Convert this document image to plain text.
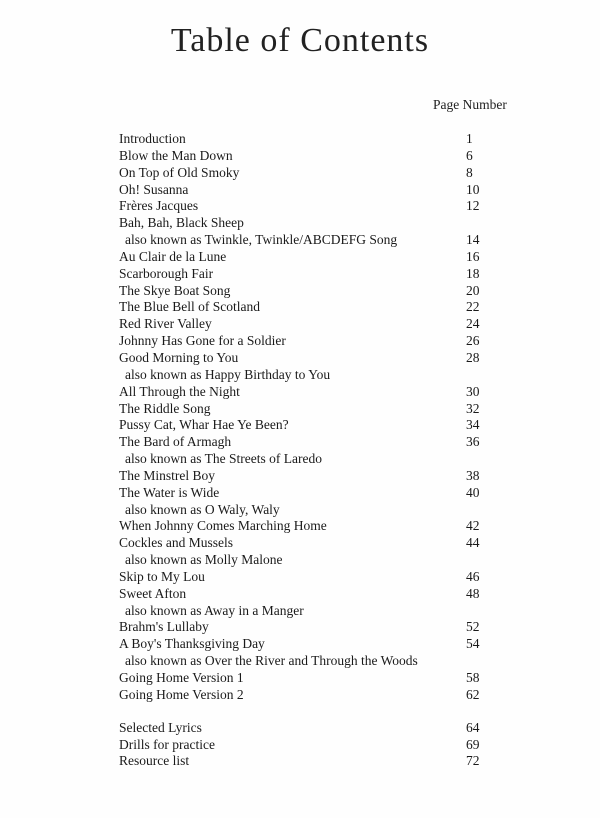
Table of Contents
Page Number
Introduction	1
Blow the Man Down	6
On Top of Old Smoky	8
Oh! Susanna	10
Frères Jacques	12
Bah, Bah, Black Sheep
also known as Twinkle, Twinkle/ABCDEFG Song	14
Au Clair de la Lune	16
Scarborough Fair	18
The Skye Boat Song	20
The Blue Bell of Scotland	22
Red River Valley	24
Johnny Has Gone for a Soldier	26
Good Morning to You	28
also known as Happy Birthday to You
All Through the Night	30
The Riddle Song	32
Pussy Cat, Whar Hae Ye Been?	34
The Bard of Armagh	36
also known as The Streets of Laredo
The Minstrel Boy	38
The Water is Wide	40
also known as O Waly, Waly
When Johnny Comes Marching Home	42
Cockles and Mussels	44
also known as Molly Malone
Skip to My Lou	46
Sweet Afton	48
also known as Away in a Manger
Brahm's Lullaby	52
A Boy's Thanksgiving Day	54
also known as Over the River and Through the Woods
Going Home Version 1	58
Going Home Version 2	62
Selected Lyrics	64
Drills for practice	69
Resource list	72
